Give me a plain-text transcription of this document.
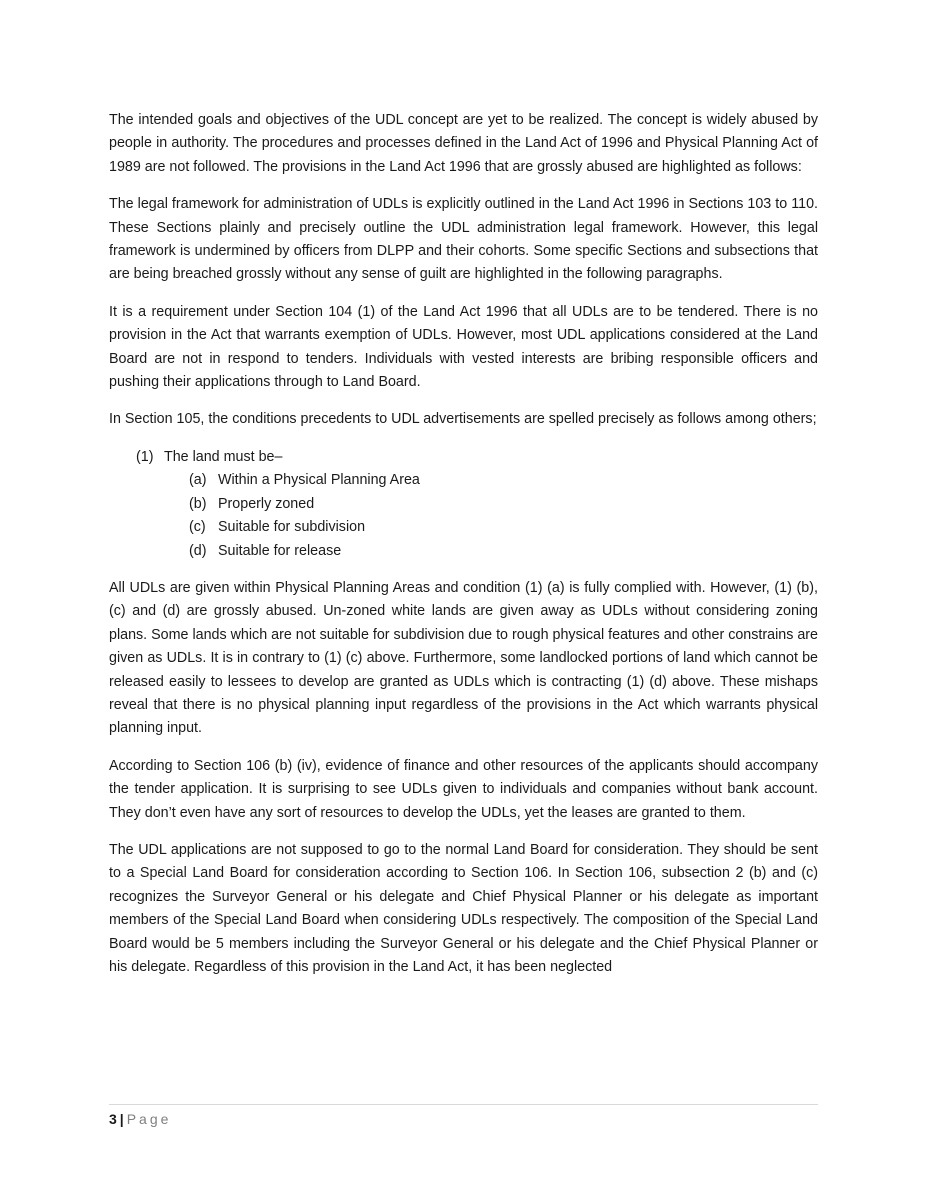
The intended goals and objectives of the UDL concept are yet to be realized. The concept is widely abused by people in authority. The procedures and processes defined in the Land Act of 1996 and Physical Planning Act of 1989 are not followed. The provisions in the Land Act 1996 that are grossly abused are highlighted as follows:

The legal framework for administration of UDLs is explicitly outlined in the Land Act 1996 in Sections 103 to 110. These Sections plainly and precisely outline the UDL administration legal framework. However, this legal framework is undermined by officers from DLPP and their cohorts. Some specific Sections and subsections that are being breached grossly without any sense of guilt are highlighted in the following paragraphs.

It is a requirement under Section 104 (1) of the Land Act 1996 that all UDLs are to be tendered. There is no provision in the Act that warrants exemption of UDLs. However, most UDL applications considered at the Land Board are not in respond to tenders. Individuals with vested interests are bribing responsible officers and pushing their applications through to Land Board.

In Section 105, the conditions precedents to UDL advertisements are spelled precisely as follows among others;

(1) The land must be–
(a) Within a Physical Planning Area
(b) Properly zoned
(c) Suitable for subdivision
(d) Suitable for release

All UDLs are given within Physical Planning Areas and condition (1) (a) is fully complied with. However, (1) (b), (c) and (d) are grossly abused. Un-zoned white lands are given away as UDLs without considering zoning plans. Some lands which are not suitable for subdivision due to rough physical features and other constrains are given as UDLs. It is in contrary to (1) (c) above. Furthermore, some landlocked portions of land which cannot be released easily to lessees to develop are granted as UDLs which is contracting (1) (d) above. These mishaps reveal that there is no physical planning input regardless of the provisions in the Act which warrants physical planning input.

According to Section 106 (b) (iv), evidence of finance and other resources of the applicants should accompany the tender application. It is surprising to see UDLs given to individuals and companies without bank account. They don’t even have any sort of resources to develop the UDLs, yet the leases are granted to them.

The UDL applications are not supposed to go to the normal Land Board for consideration. They should be sent to a Special Land Board for consideration according to Section 106. In Section 106, subsection 2 (b) and (c) recognizes the Surveyor General or his delegate and Chief Physical Planner or his delegate as important members of the Special Land Board when considering UDLs respectively. The composition of the Special Land Board would be 5 members including the Surveyor General or his delegate and the Chief Physical Planner or his delegate. Regardless of this provision in the Land Act, it has been neglected

3 | Page
